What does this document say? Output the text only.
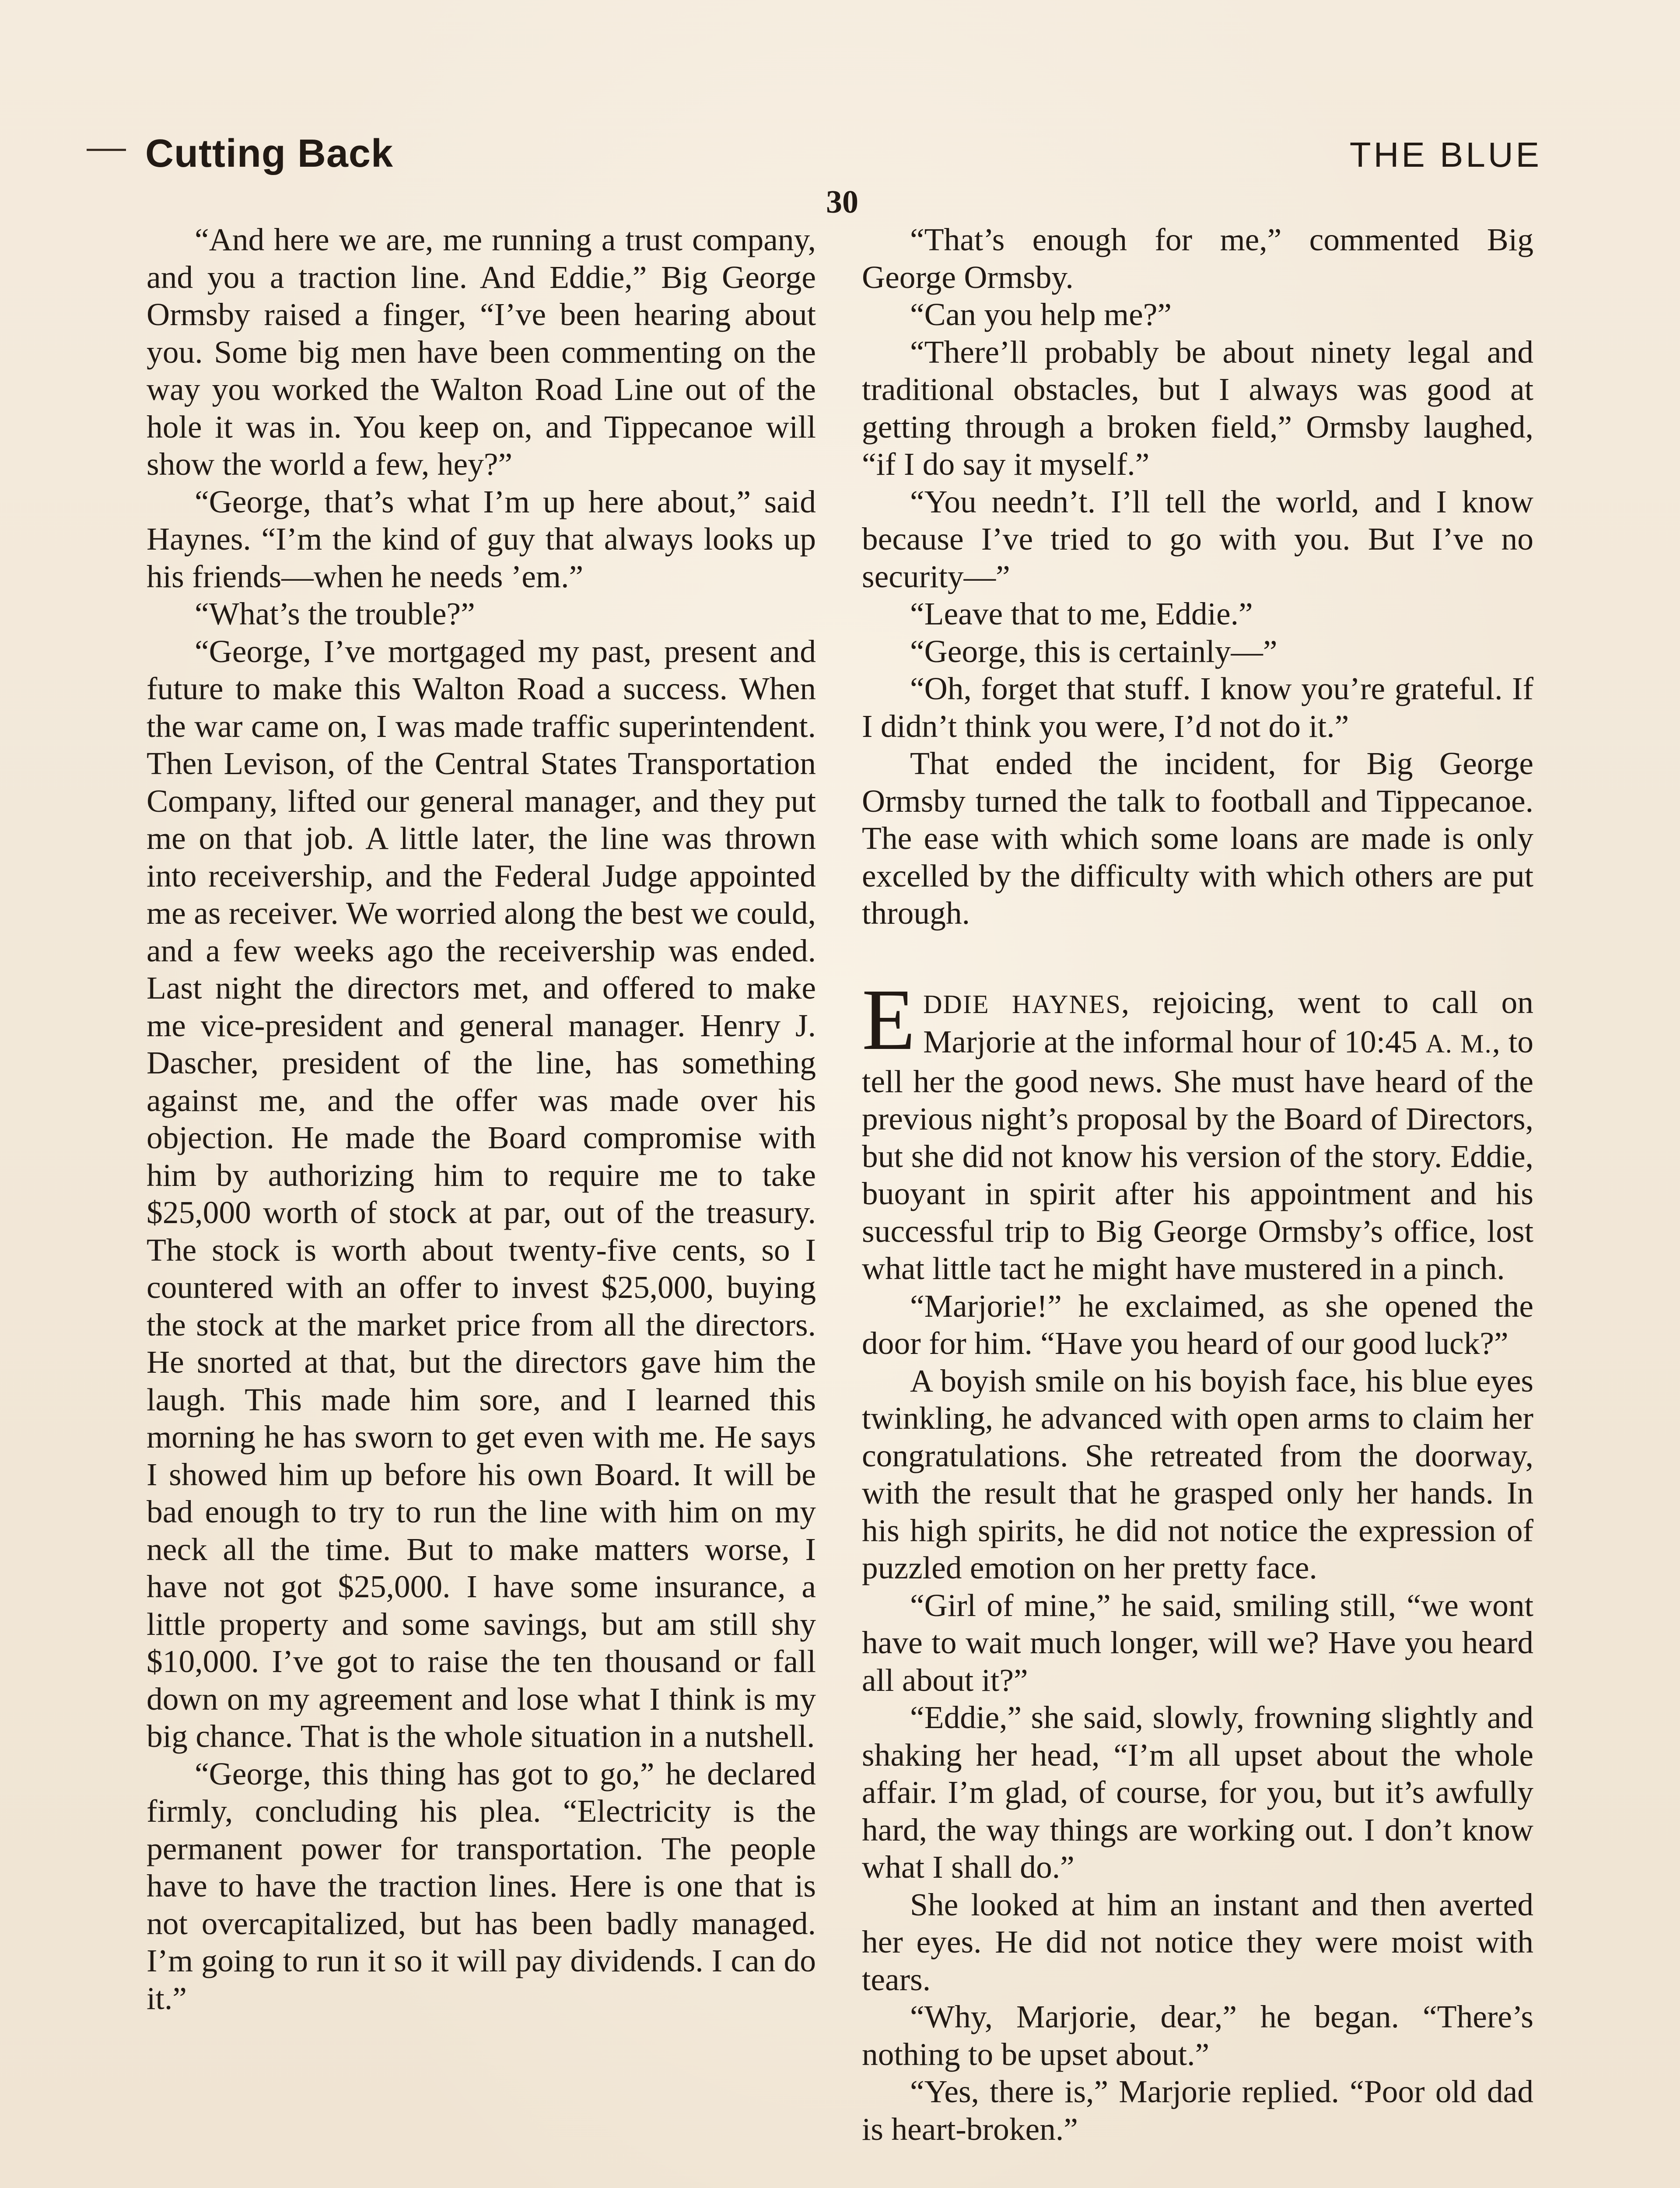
Cutting Back	THE BLUE
30

“And here we are, me running a trust company, and you a traction line. And Eddie,” Big George Ormsby raised a finger, “I’ve been hearing about you. Some big men have been commenting on the way you worked the Walton Road Line out of the hole it was in. You keep on, and Tippecanoe will show the world a few, hey?”

“George, that’s what I’m up here about,” said Haynes. “I’m the kind of guy that always looks up his friends—when he needs ’em.”

“What’s the trouble?”

“George, I’ve mortgaged my past, present and future to make this Walton Road a success. When the war came on, I was made traffic superintendent. Then Levison, of the Central States Transportation Company, lifted our general manager, and they put me on that job. A little later, the line was thrown into receivership, and the Federal Judge appointed me as receiver. We worried along the best we could, and a few weeks ago the receivership was ended. Last night the directors met, and offered to make me vice-president and general manager. Henry J. Dascher, president of the line, has something against me, and the offer was made over his objection. He made the Board compromise with him by authorizing him to require me to take $25,000 worth of stock at par, out of the treasury. The stock is worth about twenty-five cents, so I countered with an offer to invest $25,000, buying the stock at the market price from all the directors. He snorted at that, but the directors gave him the laugh. This made him sore, and I learned this morning he has sworn to get even with me. He says I showed him up before his own Board. It will be bad enough to try to run the line with him on my neck all the time. But to make matters worse, I have not got $25,000. I have some insurance, a little property and some savings, but am still shy $10,000. I’ve got to raise the ten thousand or fall down on my agreement and lose what I think is my big chance. That is the whole situation in a nutshell.

“George, this thing has got to go,” he declared firmly, concluding his plea. “Electricity is the permanent power for transportation. The people have to have the traction lines. Here is one that is not overcapitalized, but has been badly managed. I’m going to run it so it will pay dividends. I can do it.”

“That’s enough for me,” commented Big George Ormsby.

“Can you help me?”

“There’ll probably be about ninety legal and traditional obstacles, but I always was good at getting through a broken field,” Ormsby laughed, “if I do say it myself.”

“You needn’t. I’ll tell the world, and I know because I’ve tried to go with you. But I’ve no security—”

“Leave that to me, Eddie.”

“George, this is certainly—”

“Oh, forget that stuff. I know you’re grateful. If I didn’t think you were, I’d not do it.”

That ended the incident, for Big George Ormsby turned the talk to football and Tippecanoe. The ease with which some loans are made is only excelled by the difficulty with which others are put through.

EDDIE HAYNES, rejoicing, went to call on Marjorie at the informal hour of 10:45 A. M., to tell her the good news. She must have heard of the previous night’s proposal by the Board of Directors, but she did not know his version of the story. Eddie, buoyant in spirit after his appointment and his successful trip to Big George Ormsby’s office, lost what little tact he might have mustered in a pinch.

“Marjorie!” he exclaimed, as she opened the door for him. “Have you heard of our good luck?”

A boyish smile on his boyish face, his blue eyes twinkling, he advanced with open arms to claim her congratulations. She retreated from the doorway, with the result that he grasped only her hands. In his high spirits, he did not notice the expression of puzzled emotion on her pretty face.

“Girl of mine,” he said, smiling still, “we wont have to wait much longer, will we? Have you heard all about it?”

“Eddie,” she said, slowly, frowning slightly and shaking her head, “I’m all upset about the whole affair. I’m glad, of course, for you, but it’s awfully hard, the way things are working out. I don’t know what I shall do.”

She looked at him an instant and then averted her eyes. He did not notice they were moist with tears.

“Why, Marjorie, dear,” he began. “There’s nothing to be upset about.”

“Yes, there is,” Marjorie replied. “Poor old dad is heart-broken.”
